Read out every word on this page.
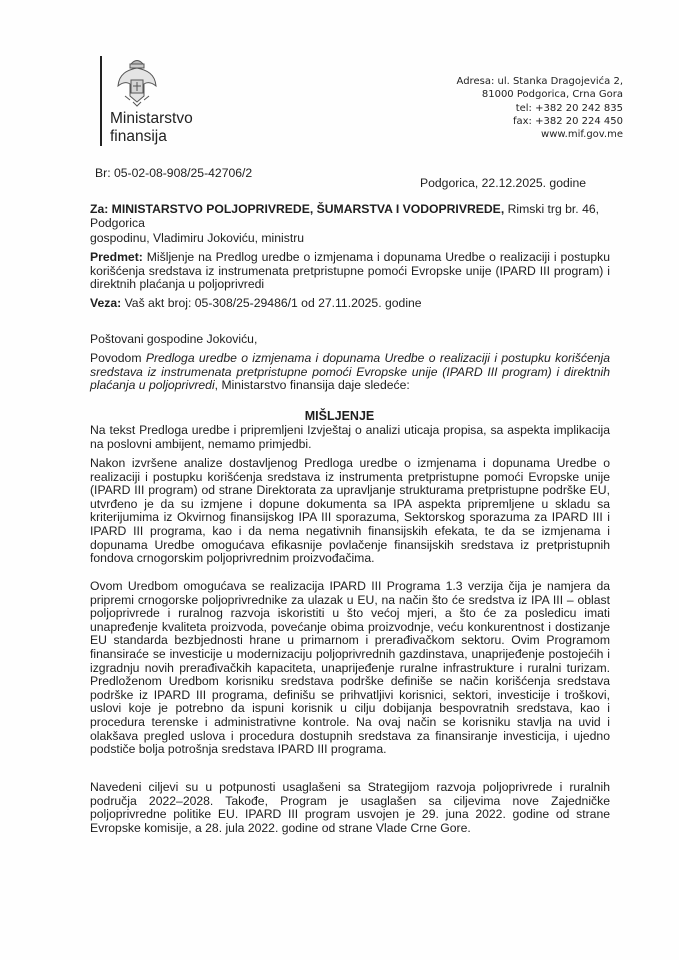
Ministarstvo
finansija
Adresa: ul. Stanka Dragojevića 2,
81000 Podgorica, Crna Gora
tel: +382 20 242 835
fax: +382 20 224 450
www.mif.gov.me
Br: 05-02-08-908/25-42706/2
Podgorica, 22.12.2025. godine
Za: MINISTARSTVO POLJOPRIVREDE, ŠUMARSTVA I VODOPRIVREDE, Rimski trg br. 46, Podgorica
gospodinu, Vladimiru Jokoviću, ministru
Predmet: Mišljenje na Predlog uredbe o izmjenama i dopunama Uredbe o realizaciji i postupku korišćenja sredstava iz instrumenata pretpristupne pomoći Evropske unije (IPARD III program) i direktnih plaćanja u poljoprivredi
Veza: Vaš akt broj: 05-308/25-29486/1 od 27.11.2025. godine
Poštovani gospodine Jokoviću,
Povodom Predloga uredbe o izmjenama i dopunama Uredbe o realizaciji i postupku korišćenja sredstava iz instrumenata pretpristupne pomoći Evropske unije (IPARD III program) i direktnih plaćanja u poljoprivredi, Ministarstvo finansija daje sledeće:
MIŠLJENJE
Na tekst Predloga uredbe i pripremljeni Izvještaj o analizi uticaja propisa, sa aspekta implikacija na poslovni ambijent, nemamo primjedbi.
Nakon izvršene analize dostavljenog Predloga uredbe o izmjenama i dopunama Uredbe o realizaciji i postupku korišćenja sredstava iz instrumenta pretpristupne pomoći Evropske unije (IPARD III program) od strane Direktorata za upravljanje strukturama pretpristupne podrške EU, utvrđeno je da su izmjene i dopune dokumenta sa IPA aspekta pripremljene u skladu sa kriterijumima iz Okvirnog finansijskog IPA III sporazuma, Sektorskog sporazuma za IPARD III i IPARD III programa, kao i da nema negativnih finansijskih efekata, te da se izmjenama i dopunama Uredbe omogućava efikasnije povlačenje finansijskih sredstava iz pretpristupnih fondova crnogorskim poljoprivrednim proizvođačima.
Ovom Uredbom omogućava se realizacija IPARD III Programa 1.3 verzija čija je namjera da pripremi crnogorske poljoprivrednike za ulazak u EU, na način što će sredstva iz IPA III – oblast poljoprivrede i ruralnog razvoja iskoristiti u što većoj mjeri, a što će za posledicu imati unapređenje kvaliteta proizvoda, povećanje obima proizvodnje, veću konkurentnost i dostizanje EU standarda bezbjednosti hrane u primarnom i prerađivačkom sektoru. Ovim Programom finansiraće se investicije u modernizaciju poljoprivrednih gazdinstava, unaprijeđenje postojećih i izgradnju novih prerađivačkih kapaciteta, unaprijeđenje ruralne infrastrukture i ruralni turizam. Predloženom Uredbom korisniku sredstava podrške definiše se način korišćenja sredstava podrške iz IPARD III programa, definišu se prihvatljivi korisnici, sektori, investicije i troškovi, uslovi koje je potrebno da ispuni korisnik u cilju dobijanja bespovratnih sredstava, kao i procedura terenske i administrativne kontrole. Na ovaj način se korisniku stavlja na uvid i olakšava pregled uslova i procedura dostupnih sredstava za finansiranje investicija, i ujedno podstiče bolja potrošnja sredstava IPARD III programa.
Navedeni ciljevi su u potpunosti usaglašeni sa Strategijom razvoja poljoprivrede i ruralnih područja 2022–2028. Takođe, Program je usaglašen sa ciljevima nove Zajedničke poljoprivredne politike EU. IPARD III program usvojen je 29. juna 2022. godine od strane Evropske komisije, a 28. jula 2022. godine od strane Vlade Crne Gore.
